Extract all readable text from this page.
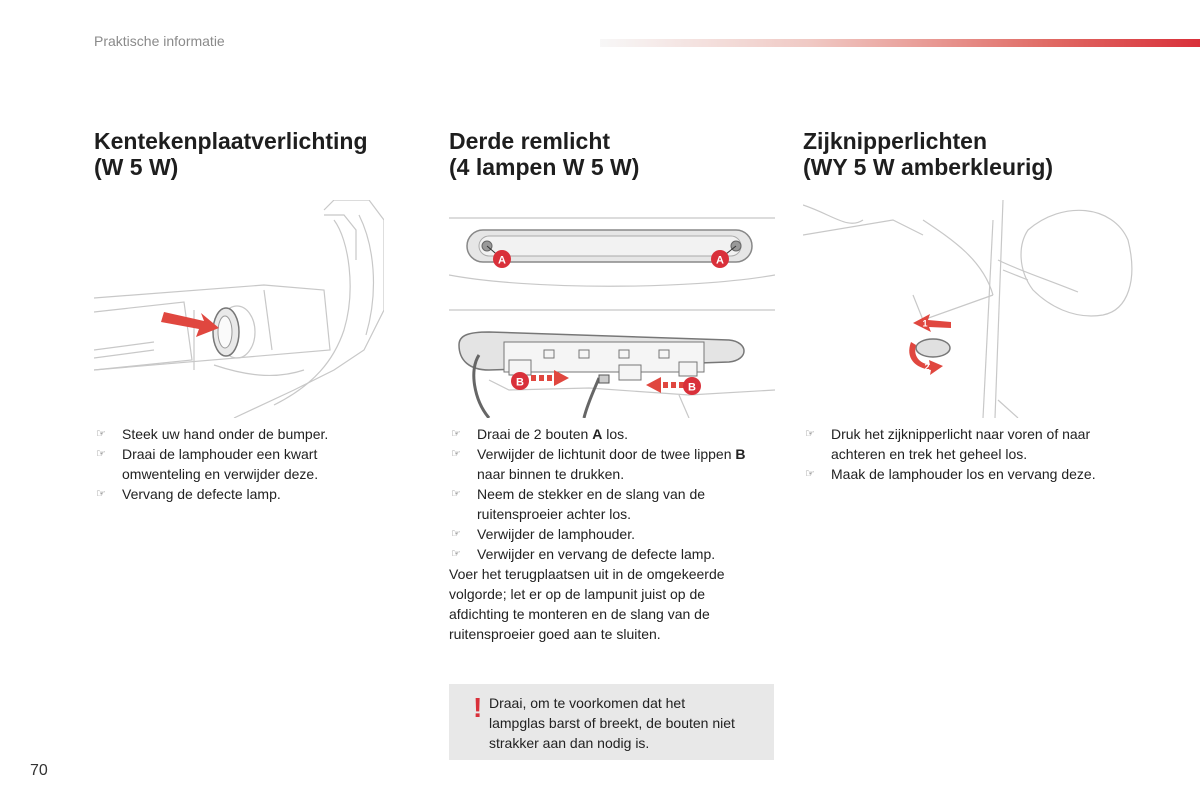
Praktische informatie
Kentekenplaatverlichting
(W 5 W)
☞ Steek uw hand onder de bumper.
☞ Draai de lamphouder een kwart
omwenteling en verwijder deze.
☞ Vervang de defecte lamp.
Derde remlicht
(4 lampen W 5 W)
A	A
B	B
☞ Draai de 2 bouten A los.
☞ Verwijder de lichtunit door de twee lippen B
naar binnen te drukken.
☞ Neem de stekker en de slang van de
ruitensproeier achter los.
☞ Verwijder de lamphouder.
☞ Verwijder en vervang de defecte lamp.
Voer het terugplaatsen uit in de omgekeerde
volgorde; let er op de lampunit juist op de
afdichting te monteren en de slang van de
ruitensproeier goed aan te sluiten.
! Draai, om te voorkomen dat het
lampglas barst of breekt, de bouten niet
strakker aan dan nodig is.
Zijknipperlichten
(WY 5 W amberkleurig)
1
2
☞ Druk het zijknipperlicht naar voren of naar
achteren en trek het geheel los.
☞ Maak de lamphouder los en vervang deze.
70
